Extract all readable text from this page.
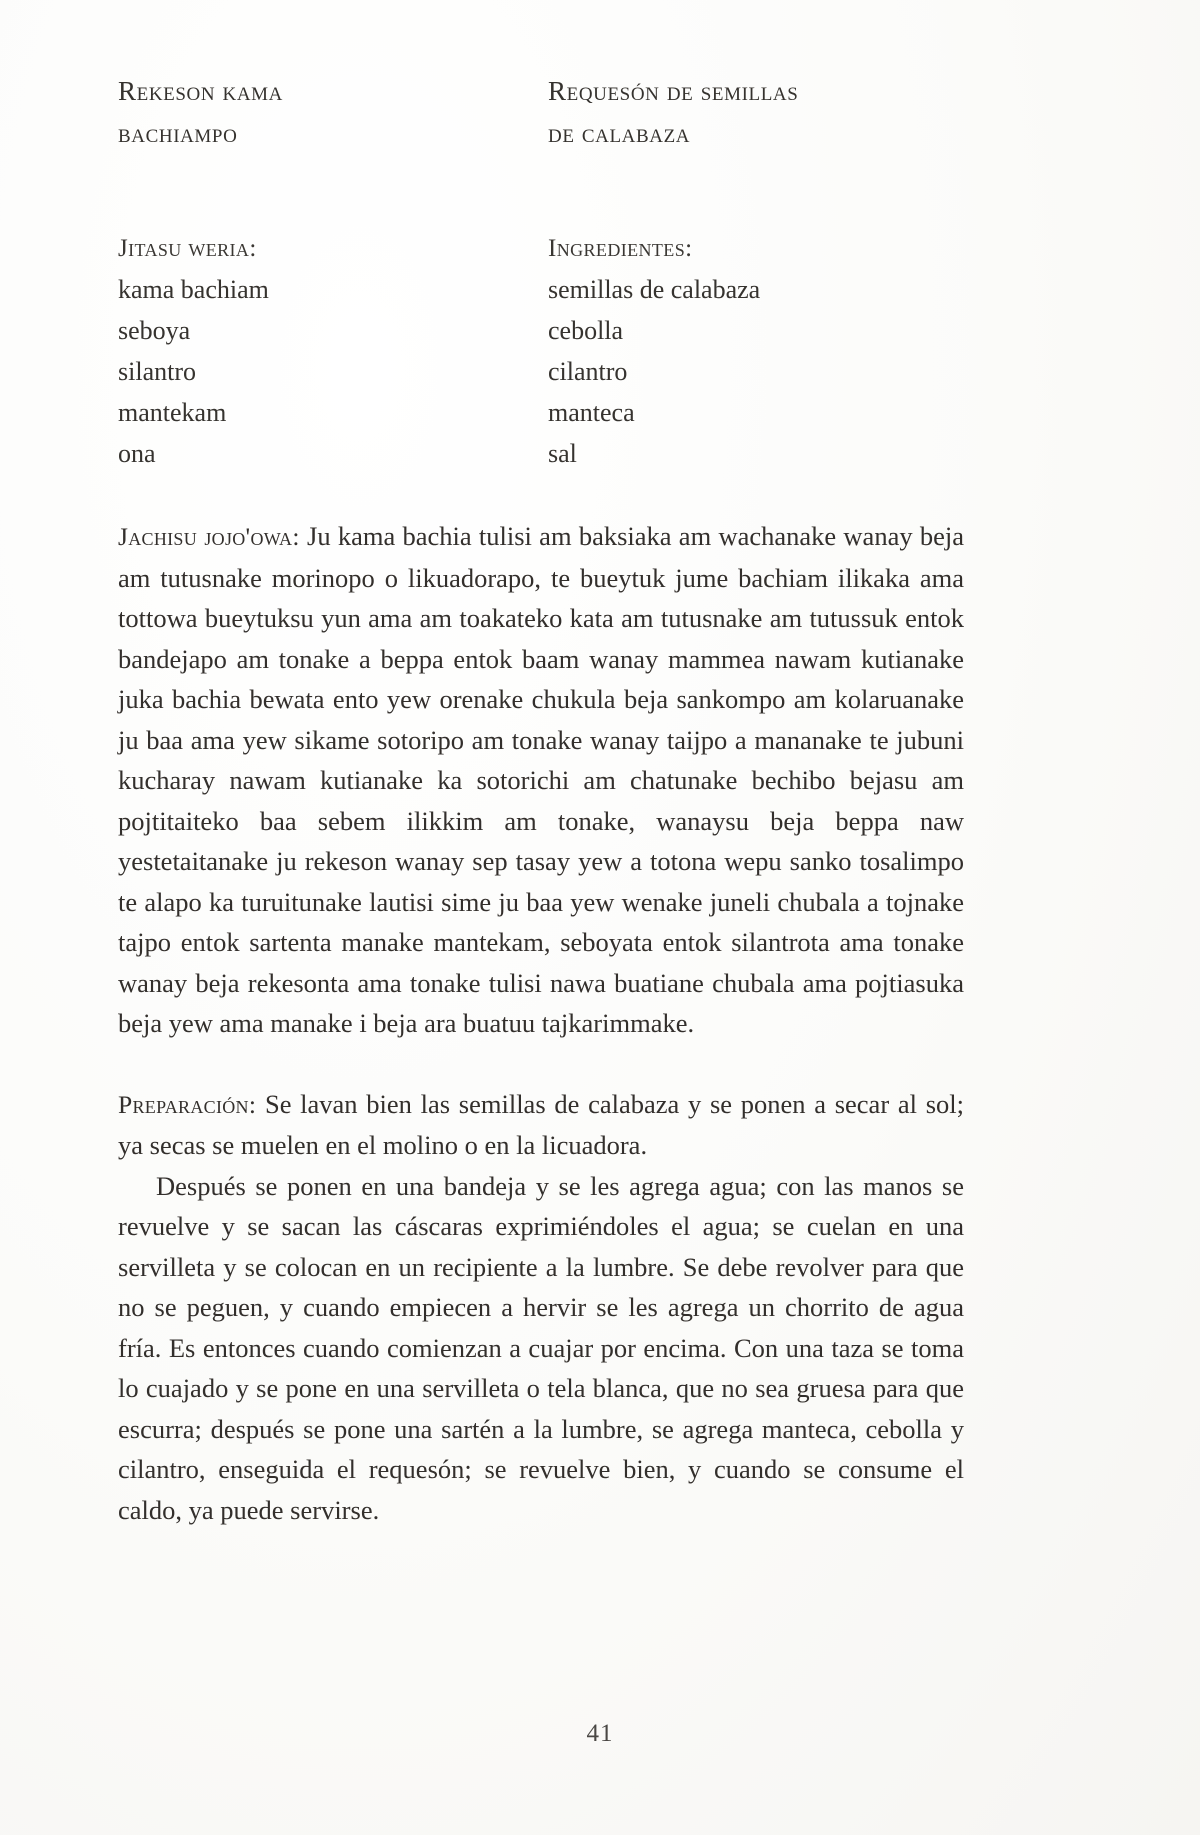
Rekeson kama
bachiampo
Requesón de semillas
de calabaza
Jitasu weria:
kama bachiam
seboya
silantro
mantekam
ona
Ingredientes:
semillas de calabaza
cebolla
cilantro
manteca
sal

Jachisu jojo'owa: Ju kama bachia tulisi am baksiaka am wachanake wanay beja am tutusnake morinopo o likuadorapo, te bueytuk jume bachiam ilikaka ama tottowa bueytuksu yun ama am toakateko kata am tutusnake am tutussuk entok bandejapo am tonake a beppa entok baam wanay mammea nawam kutianake juka bachia bewata ento yew orenake chukula beja sankompo am kolaruanake ju baa ama yew sikame sotoripo am tonake wanay taijpo a mananake te jubuni kucharay nawam kutianake ka sotorichi am chatunake bechibo bejasu am pojtitaiteko baa sebem ilikkim am tonake, wanaysu beja beppa naw yestetaitanake ju rekeson wanay sep tasay yew a totona wepu sanko tosalimpo te alapo ka turuitunake lautisi sime ju baa yew wenake juneli chubala a tojnake tajpo entok sartenta manake mantekam, seboyata entok silantrota ama tonake wanay beja rekesonta ama tonake tulisi nawa buatiane chubala ama pojtiasuka beja yew ama manake i beja ara buatuu tajkarimmake.

Preparación: Se lavan bien las semillas de calabaza y se ponen a secar al sol; ya secas se muelen en el molino o en la licuadora.

Después se ponen en una bandeja y se les agrega agua; con las manos se revuelve y se sacan las cáscaras exprimiéndoles el agua; se cuelan en una servilleta y se colocan en un recipiente a la lumbre. Se debe revolver para que no se peguen, y cuando empiecen a hervir se les agrega un chorrito de agua fría. Es entonces cuando comienzan a cuajar por encima. Con una taza se toma lo cuajado y se pone en una servilleta o tela blanca, que no sea gruesa para que escurra; después se pone una sartén a la lumbre, se agrega manteca, cebolla y cilantro, enseguida el requesón; se revuelve bien, y cuando se consume el caldo, ya puede servirse.

41
